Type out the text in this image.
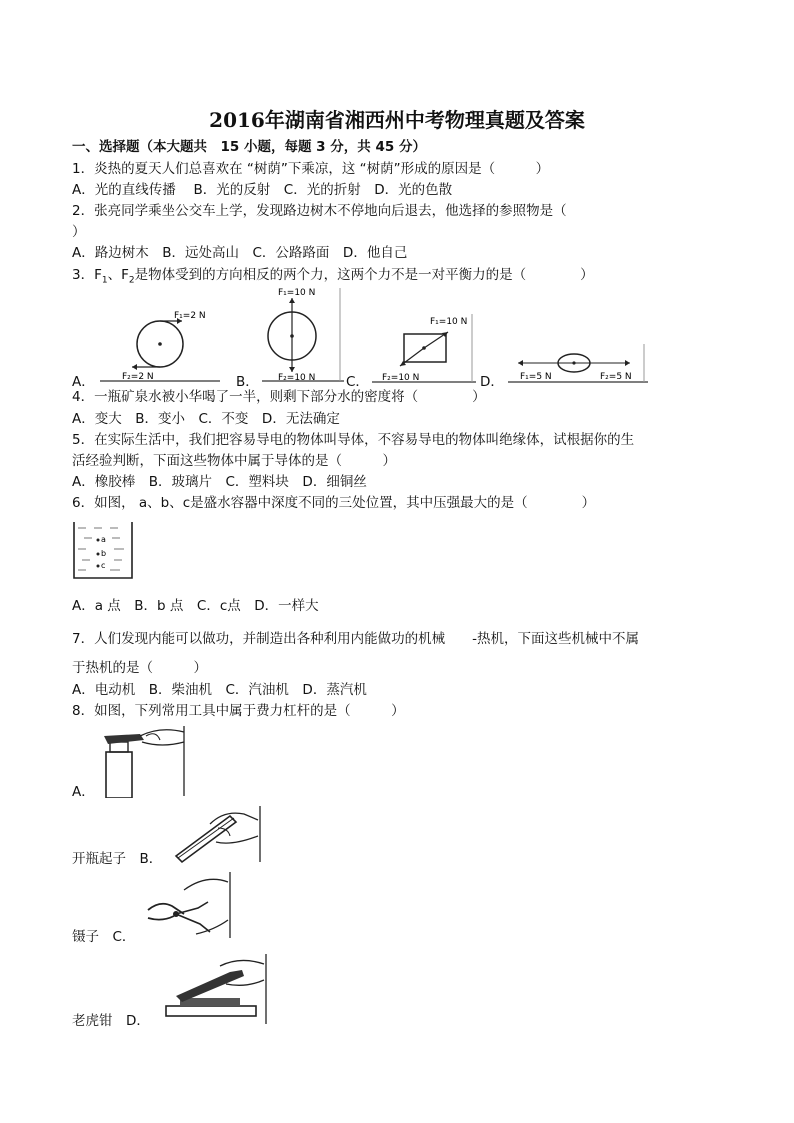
2016年湖南省湘西州中考物理真题及答案
一、选择题（本大题共　15 小题，每题 3 分，共 45 分）
1．炎热的夏天人们总喜欢在 “树荫”下乘凉，这 “树荫”形成的原因是（　　　）
A．光的直线传播　 B．光的反射　C．光的折射　D．光的色散
2．张亮同学乘坐公交车上学，发现路边树木不停地向后退去，他选择的参照物是（
）
A．路边树木　B．远处高山　C．公路路面　D．他自己
3．$F_1$、$F_2$是物体受到的方向相反的两个力，这两个力不是一对平衡力的是（　　　　）
F₁=2 N
F₂=2 N
A．
F₁=10 N
F₂=10 N
B．
F₁=10 N
F₂=10 N
C．	F₁=5 N	F₂=5 N
D．
4．一瓶矿泉水被小华喝了一半，则剩下部分水的密度将（　　　　）
A．变大　B．变小　C．不变　D．无法确定
5．在实际生活中，我们把容易导电的物体叫导体，不容易导电的物体叫绝缘体，试根据你的生
活经验判断，下面这些物体中属于导体的是（　　　）
A．橡胶棒　B．玻璃片　C．塑料块　D．细铜丝
6．如图， a、b、c是盛水容器中深度不同的三处位置，其中压强最大的是（　　　　）
a
b
c
A．a 点　B．b 点　C．c点　D．一样大
7．人们发现内能可以做功，并制造出各种利用内能做功的机械　　-热机，下面这些机械中不属
于热机的是（　　　）
A．电动机　B．柴油机　C．汽油机　D．蒸汽机
8．如图，下列常用工具中属于费力杠杆的是（　　　）
A．
开瓶起子　B．
镊子　C．
老虎钳　D．
